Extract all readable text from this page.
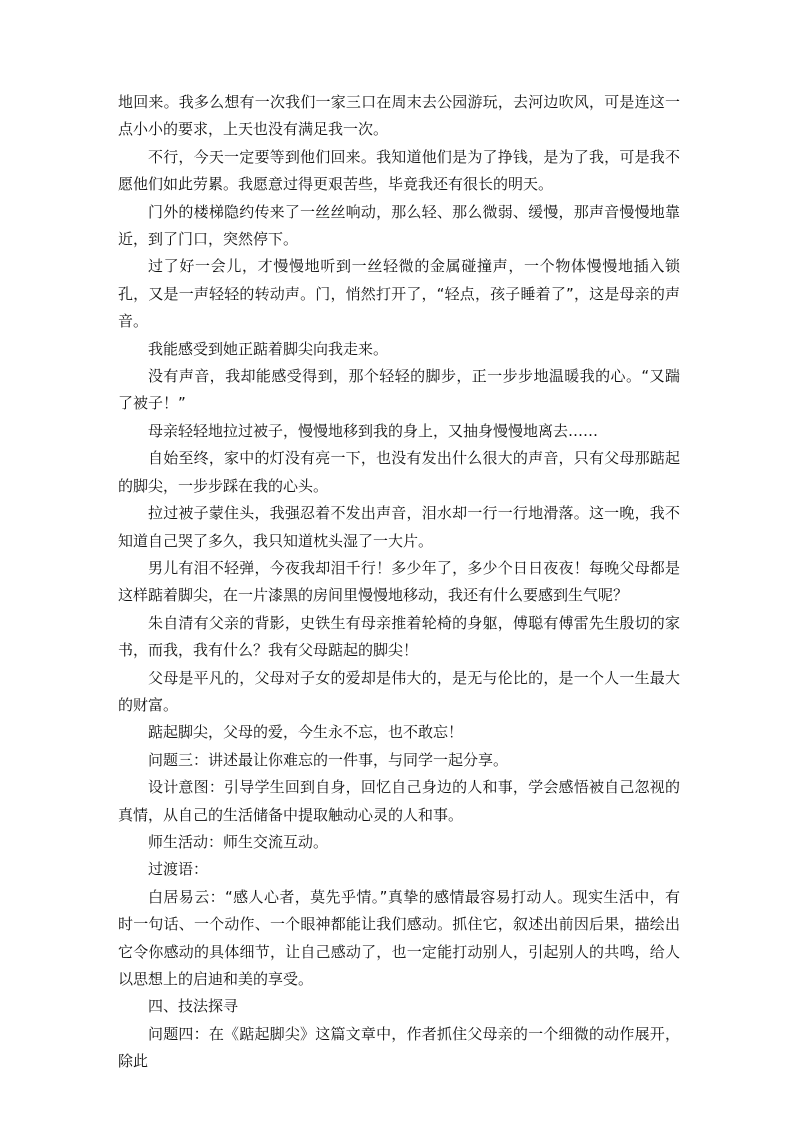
地回来。我多么想有一次我们一家三口在周末去公园游玩，去河边吹风，可是连这一点小小的要求，上天也没有满足我一次。

不行，今天一定要等到他们回来。我知道他们是为了挣钱，是为了我，可是我不愿他们如此劳累。我愿意过得更艰苦些，毕竟我还有很长的明天。

门外的楼梯隐约传来了一丝丝响动，那么轻、那么微弱、缓慢，那声音慢慢地靠近，到了门口，突然停下。

过了好一会儿，才慢慢地听到一丝轻微的金属碰撞声，一个物体慢慢地插入锁孔，又是一声轻轻的转动声。门，悄然打开了，“轻点，孩子睡着了”，这是母亲的声音。

我能感受到她正踮着脚尖向我走来。

没有声音，我却能感受得到，那个轻轻的脚步，正一步步地温暖我的心。“又踹了被子！”

母亲轻轻地拉过被子，慢慢地移到我的身上，又抽身慢慢地离去……

自始至终，家中的灯没有亮一下，也没有发出什么很大的声音，只有父母那踮起的脚尖，一步步踩在我的心头。

拉过被子蒙住头，我强忍着不发出声音，泪水却一行一行地滑落。这一晚，我不知道自己哭了多久，我只知道枕头湿了一大片。

男儿有泪不轻弹，今夜我却泪千行！多少年了，多少个日日夜夜！每晚父母都是这样踮着脚尖，在一片漆黑的房间里慢慢地移动，我还有什么要感到生气呢？

朱自清有父亲的背影，史铁生有母亲推着轮椅的身躯，傅聪有傅雷先生殷切的家书，而我，我有什么？我有父母踮起的脚尖！

父母是平凡的，父母对子女的爱却是伟大的，是无与伦比的，是一个人一生最大的财富。

踮起脚尖，父母的爱，今生永不忘，也不敢忘！

问题三：讲述最让你难忘的一件事，与同学一起分享。

设计意图：引导学生回到自身，回忆自己身边的人和事，学会感悟被自己忽视的真情，从自己的生活储备中提取触动心灵的人和事。

师生活动：师生交流互动。

过渡语：

白居易云：“感人心者，莫先乎情。”真挚的感情最容易打动人。现实生活中，有时一句话、一个动作、一个眼神都能让我们感动。抓住它，叙述出前因后果，描绘出它令你感动的具体细节，让自己感动了，也一定能打动别人，引起别人的共鸣，给人以思想上的启迪和美的享受。

四、技法探寻

问题四：在《踮起脚尖》这篇文章中，作者抓住父母亲的一个细微的动作展开，除此
